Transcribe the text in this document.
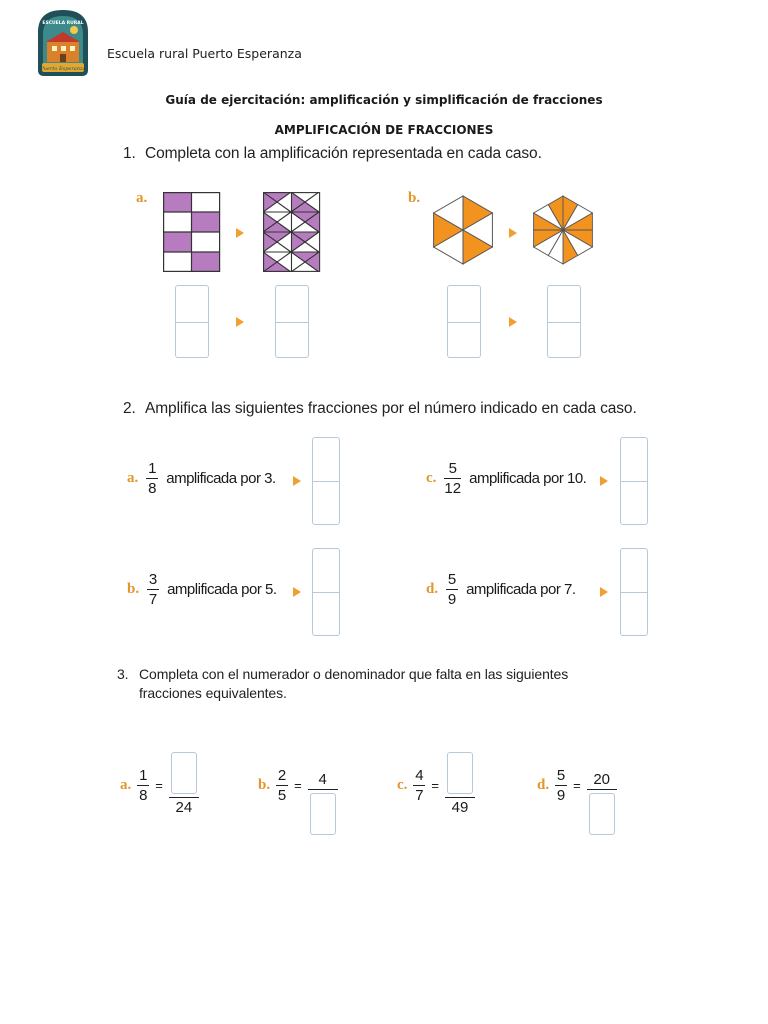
Puerto Esperanza
ESCUELA RURAL
Escuela rural Puerto Esperanza
Guía de ejercitación: amplificación y simplificación de fracciones
AMPLIFICACIÓN DE FRACCIONES
1. Completa con la amplificación representada en cada caso.
a.	b.
2. Amplifica las siguientes fracciones por el número indicado en cada caso.
a. $\frac{1}{8}$ amplificada por 3.
b. $\frac{3}{7}$ amplificada por 5.
c. $\frac{5}{12}$ amplificada por 10.
d. $\frac{5}{9}$ amplificada por 7.
3. Completa con el numerador o denominador que falta en las siguientes
fracciones equivalentes.
a. $\frac{1}{8}$ =
24
b. $\frac{2}{5} = 4$	c. $\frac{4}{7}$ =
49
d. $\frac{5}{9} = 20$
